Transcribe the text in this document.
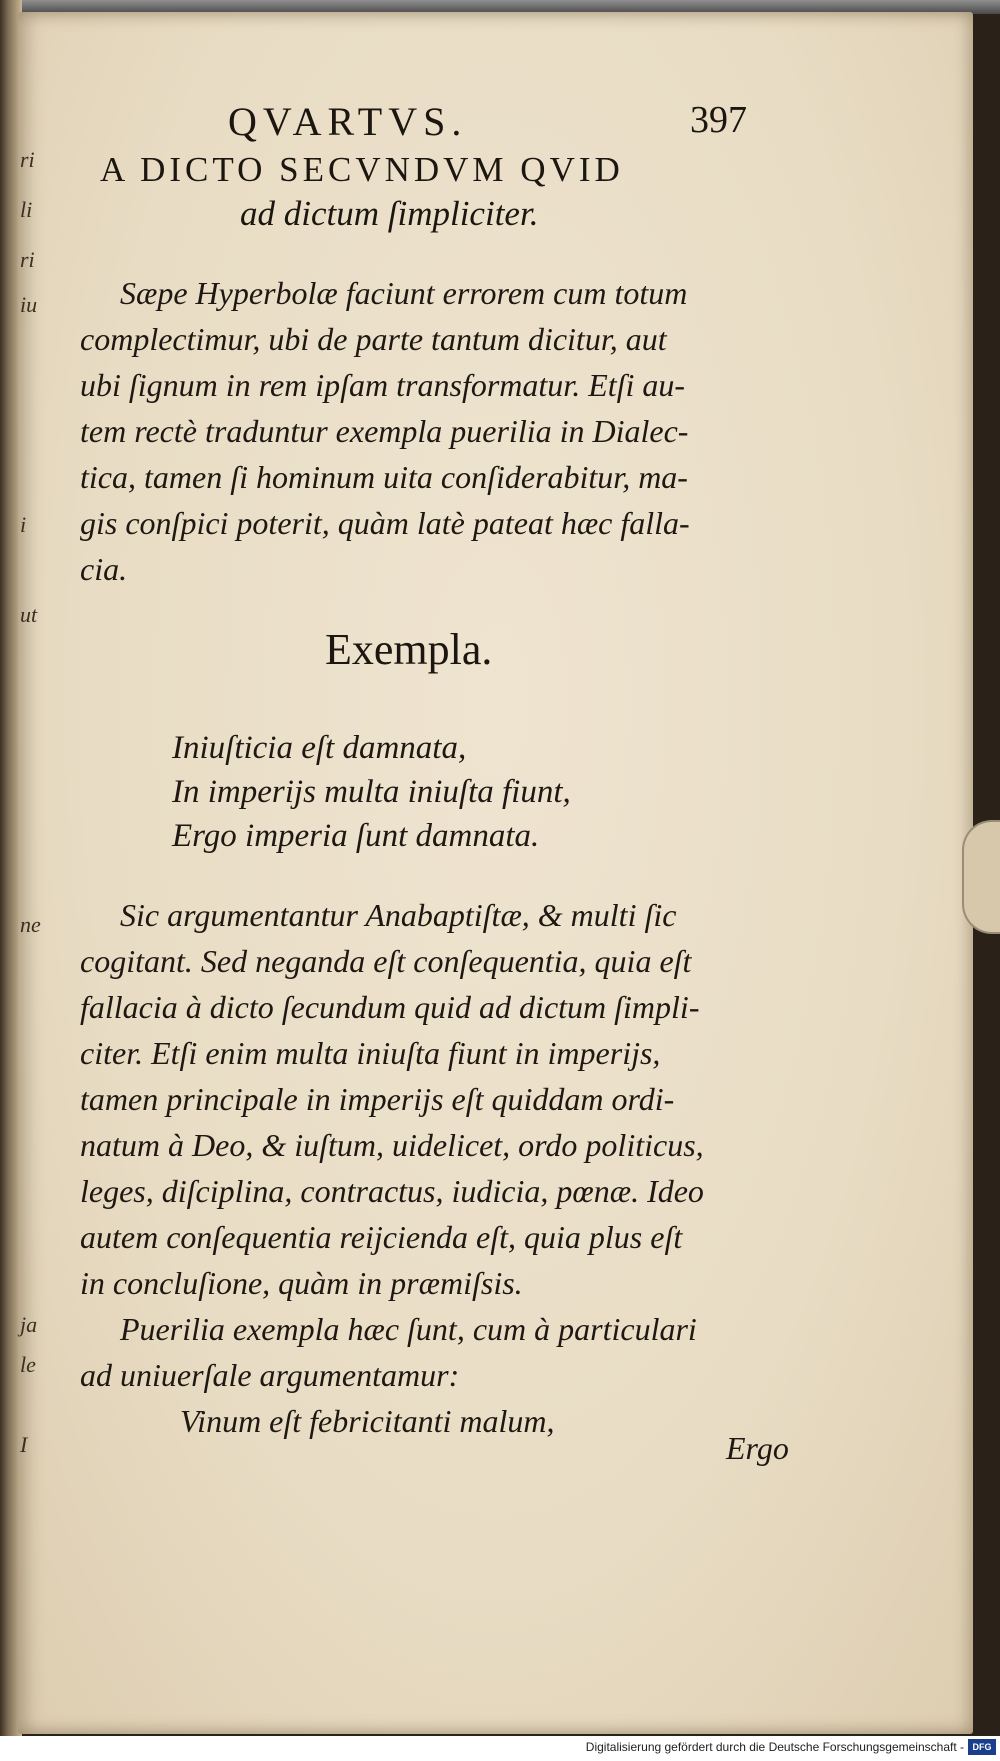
ri
li
ri
iu
i
ut
ne
ja
le
I
QVARTVS.	397
A DICTO SECVNDVM QVID
ad dictum ſimpliciter.
Sæpe Hyperbolæ faciunt errorem cum totum
complectimur, ubi de parte tantum dicitur, aut
ubi ſignum in rem ipſam transformatur. Etſi au-
tem rectè traduntur exempla puerilia in Dialec-
tica, tamen ſi hominum uita conſiderabitur, ma-
gis conſpici poterit, quàm latè pateat hæc falla-
cia.
Exempla.
Iniuſticia eſt damnata,
In imperijs multa iniuſta fiunt,
Ergo imperia ſunt damnata.
Sic argumentantur Anabaptiſtæ, & multi ſic
cogitant. Sed neganda eſt conſequentia, quia eſt
fallacia à dicto ſecundum quid ad dictum ſimpli-
citer. Etſi enim multa iniuſta fiunt in imperijs,
tamen principale in imperijs eſt quiddam ordi-
natum à Deo, & iuſtum, uidelicet, ordo politicus,
leges, diſciplina, contractus, iudicia, pœnæ. Ideo
autem conſequentia reijcienda eſt, quia plus eſt
in concluſione, quàm in præmiſsis.
Puerilia exempla hæc ſunt, cum à particulari
ad uniuerſale argumentamur:
Vinum eſt febricitanti malum,
Ergo
Digitalisierung gefördert durch die Deutsche Forschungsgemeinschaft - DFG
